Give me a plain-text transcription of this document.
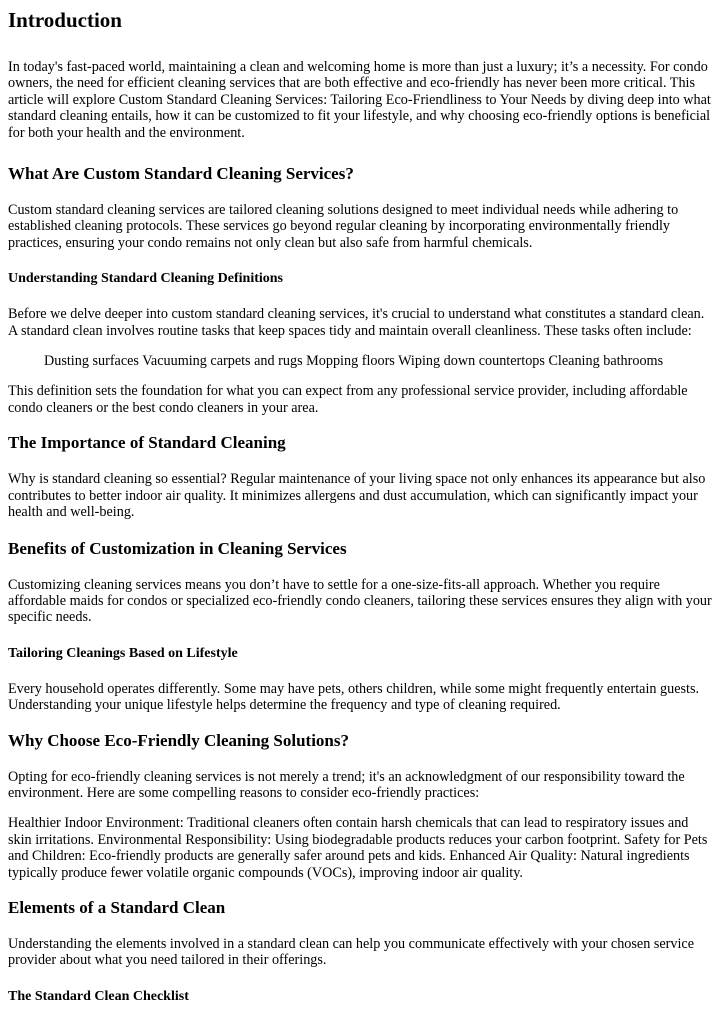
Introduction

In today's fast-paced world, maintaining a clean and welcoming home is more than just a luxury; it’s a necessity. For condo owners, the need for efficient cleaning services that are both effective and eco-friendly has never been more critical. This article will explore Custom Standard Cleaning Services: Tailoring Eco-Friendliness to Your Needs by diving deep into what standard cleaning entails, how it can be customized to fit your lifestyle, and why choosing eco-friendly options is beneficial for both your health and the environment.

What Are Custom Standard Cleaning Services?

Custom standard cleaning services are tailored cleaning solutions designed to meet individual needs while adhering to established cleaning protocols. These services go beyond regular cleaning by incorporating environmentally friendly practices, ensuring your condo remains not only clean but also safe from harmful chemicals.

Understanding Standard Cleaning Definitions

Before we delve deeper into custom standard cleaning services, it's crucial to understand what constitutes a standard clean. A standard clean involves routine tasks that keep spaces tidy and maintain overall cleanliness. These tasks often include:

Dusting surfaces Vacuuming carpets and rugs Mopping floors Wiping down countertops Cleaning bathrooms

This definition sets the foundation for what you can expect from any professional service provider, including affordable condo cleaners or the best condo cleaners in your area.

The Importance of Standard Cleaning

Why is standard cleaning so essential? Regular maintenance of your living space not only enhances its appearance but also contributes to better indoor air quality. It minimizes allergens and dust accumulation, which can significantly impact your health and well-being.

Benefits of Customization in Cleaning Services

Customizing cleaning services means you don’t have to settle for a one-size-fits-all approach. Whether you require affordable maids for condos or specialized eco-friendly condo cleaners, tailoring these services ensures they align with your specific needs.

Tailoring Cleanings Based on Lifestyle

Every household operates differently. Some may have pets, others children, while some might frequently entertain guests. Understanding your unique lifestyle helps determine the frequency and type of cleaning required.

Why Choose Eco-Friendly Cleaning Solutions?

Opting for eco-friendly cleaning services is not merely a trend; it's an acknowledgment of our responsibility toward the environment. Here are some compelling reasons to consider eco-friendly practices:

Healthier Indoor Environment: Traditional cleaners often contain harsh chemicals that can lead to respiratory issues and skin irritations. Environmental Responsibility: Using biodegradable products reduces your carbon footprint. Safety for Pets and Children: Eco-friendly products are generally safer around pets and kids. Enhanced Air Quality: Natural ingredients typically produce fewer volatile organic compounds (VOCs), improving indoor air quality.

Elements of a Standard Clean

Understanding the elements involved in a standard clean can help you communicate effectively with your chosen service provider about what you need tailored in their offerings.

The Standard Clean Checklist
